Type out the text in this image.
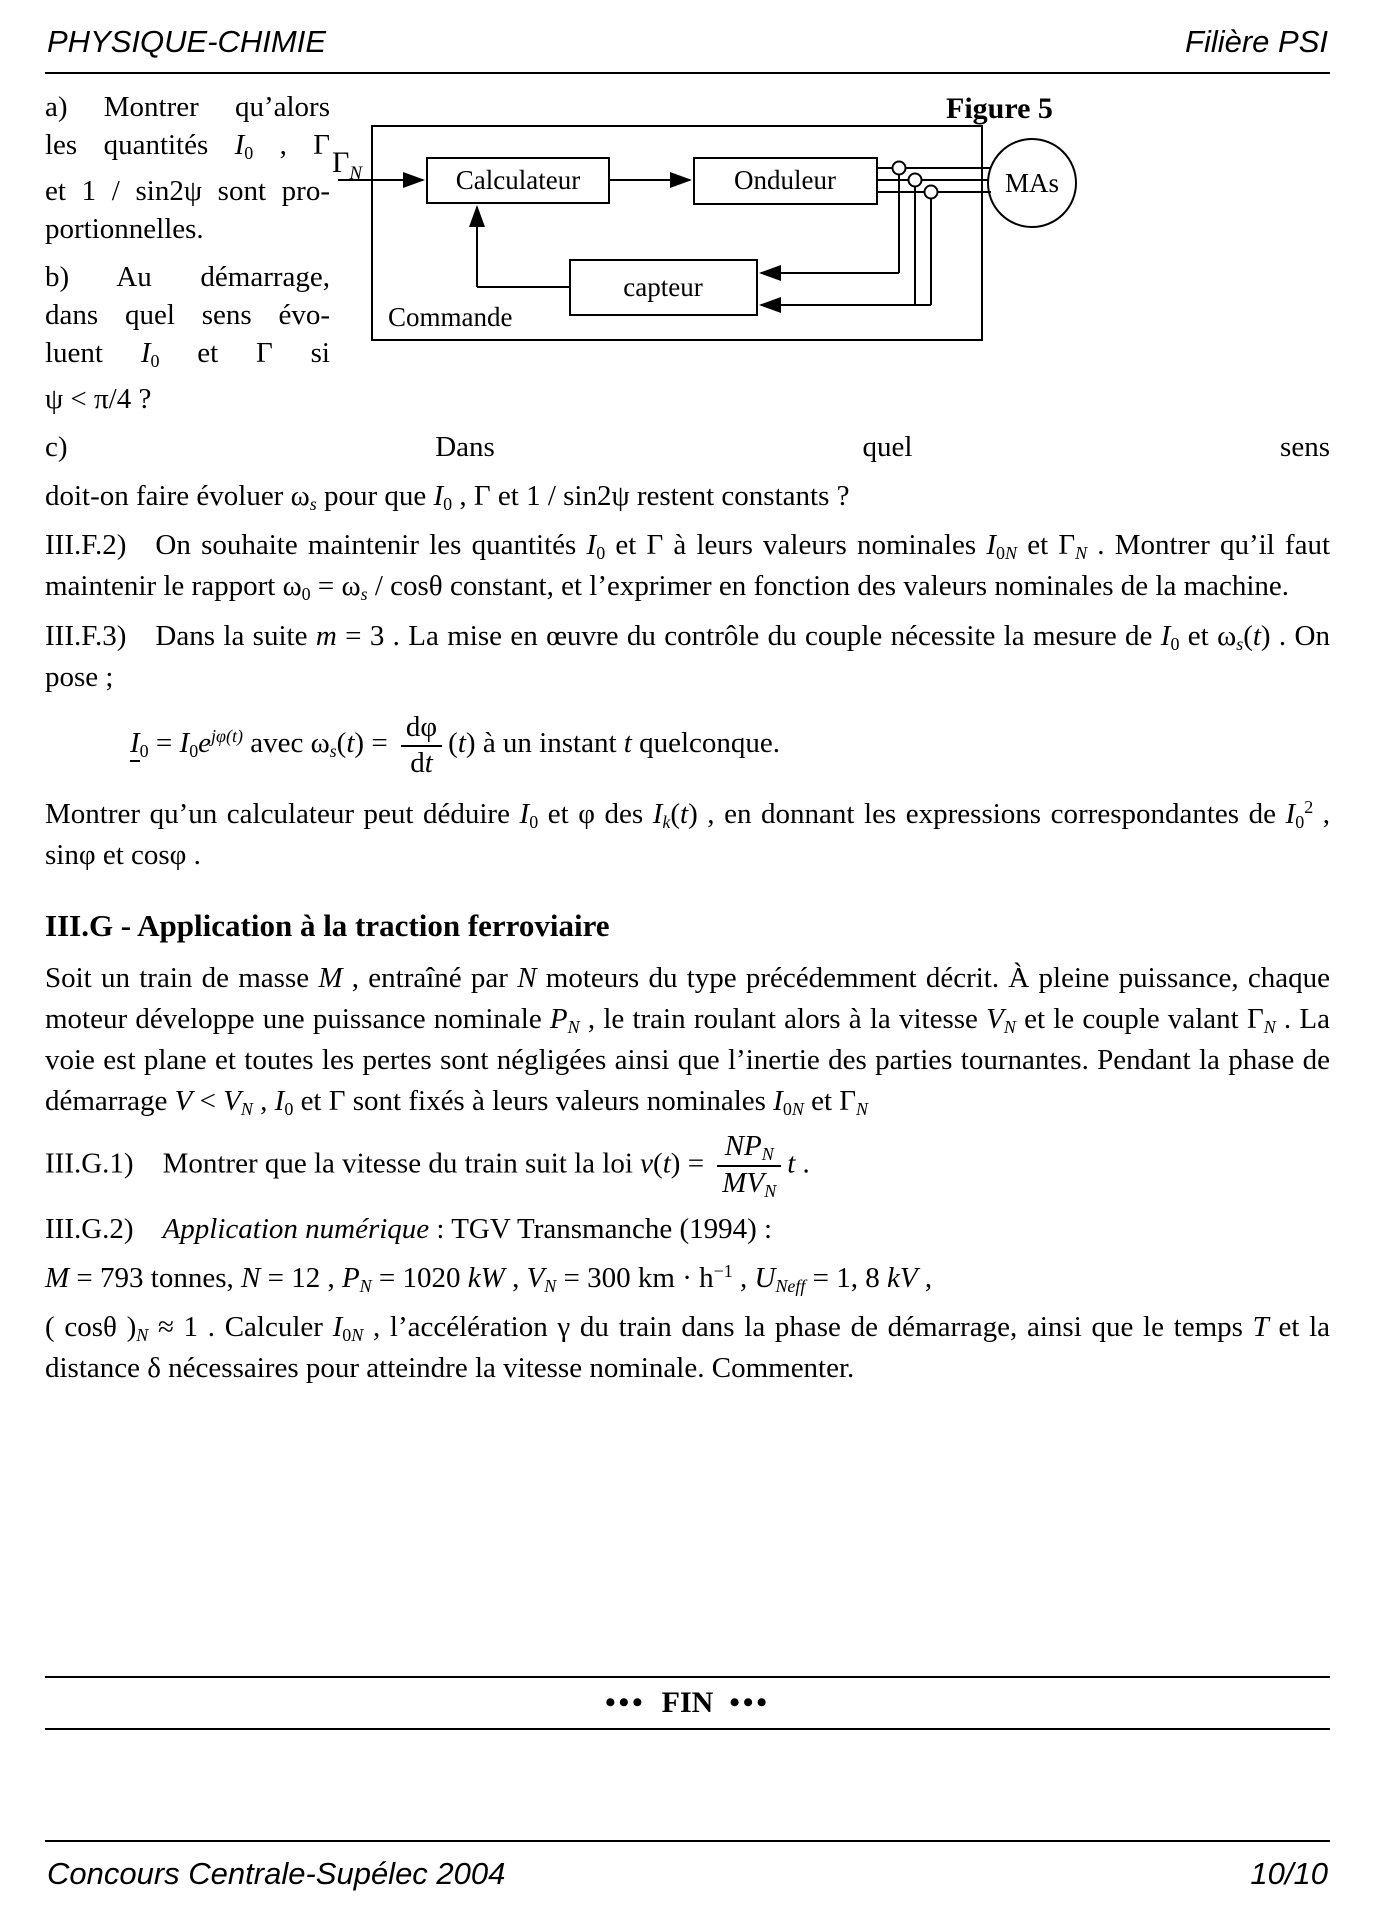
PHYSIQUE-CHIMIE	Filière PSI
Figure 5
MAs
$\Gamma_N$	Calculateur	Onduleur
capteur
Commande
a) Montrer qu’alors
les quantités I0 , Γ
et 1 / sin2ψ sont pro-
portionnelles.
b) Au démarrage,
dans quel sens évo-
luent I0 et Γ si
ψ < π/4 ?
c) Dans quel sens
doit-on faire évoluer ωs pour que I0 , Γ et 1 / sin2ψ restent constants ?
III.F.2) On souhaite maintenir les quantités I0 et Γ à leurs valeurs nominales I0N et ΓN . Montrer qu’il faut maintenir le rapport ω0 = ωs / cosθ constant, et l’exprimer en fonction des valeurs nominales de la machine.
III.F.3) Dans la suite m = 3 . La mise en œuvre du contrôle du couple nécessite la mesure de I0 et ωs(t) . On pose ;
$I0 = I0e^{j\varphi(t)}$ avec $\omega s(t) = \frac{d\varphi}{dt} (t)$ à un instant t quelconque.
Montrer qu’un calculateur peut déduire I0 et φ des Ik(t) , en donnant les expressions correspondantes de $I0^2$ , sinφ et cosφ .
III.G - Application à la traction ferroviaire
Soit un train de masse M , entraîné par N moteurs du type précédemment décrit. À pleine puissance, chaque moteur développe une puissance nominale PN , le train roulant alors à la vitesse VN et le couple valant ΓN . La voie est plane et toutes les pertes sont négligées ainsi que l’inertie des parties tournantes. Pendant la phase de démarrage V < VN , I0 et Γ sont fixés à leurs valeurs nominales I0N et ΓN
III.G.1) Montrer que la vitesse du train suit la loi $v(t) = \frac{\text{NPN}}{\text{MVN}}$ t .
III.G.2) Application numérique : TGV Transmanche (1994) :
M = 793 tonnes, N = 12 , PN = 1020 kW , VN = 300 km · $h^{-1}$ , UNeff = 1, 8 kV ,
( cosθ )N ≈ 1 . Calculer I0N , l’accélération γ du train dans la phase de démarrage, ainsi que le temps T et la distance δ nécessaires pour atteindre la vitesse nominale. Commenter.
••• FIN •••
Concours Centrale-Supélec 2004	10/10
